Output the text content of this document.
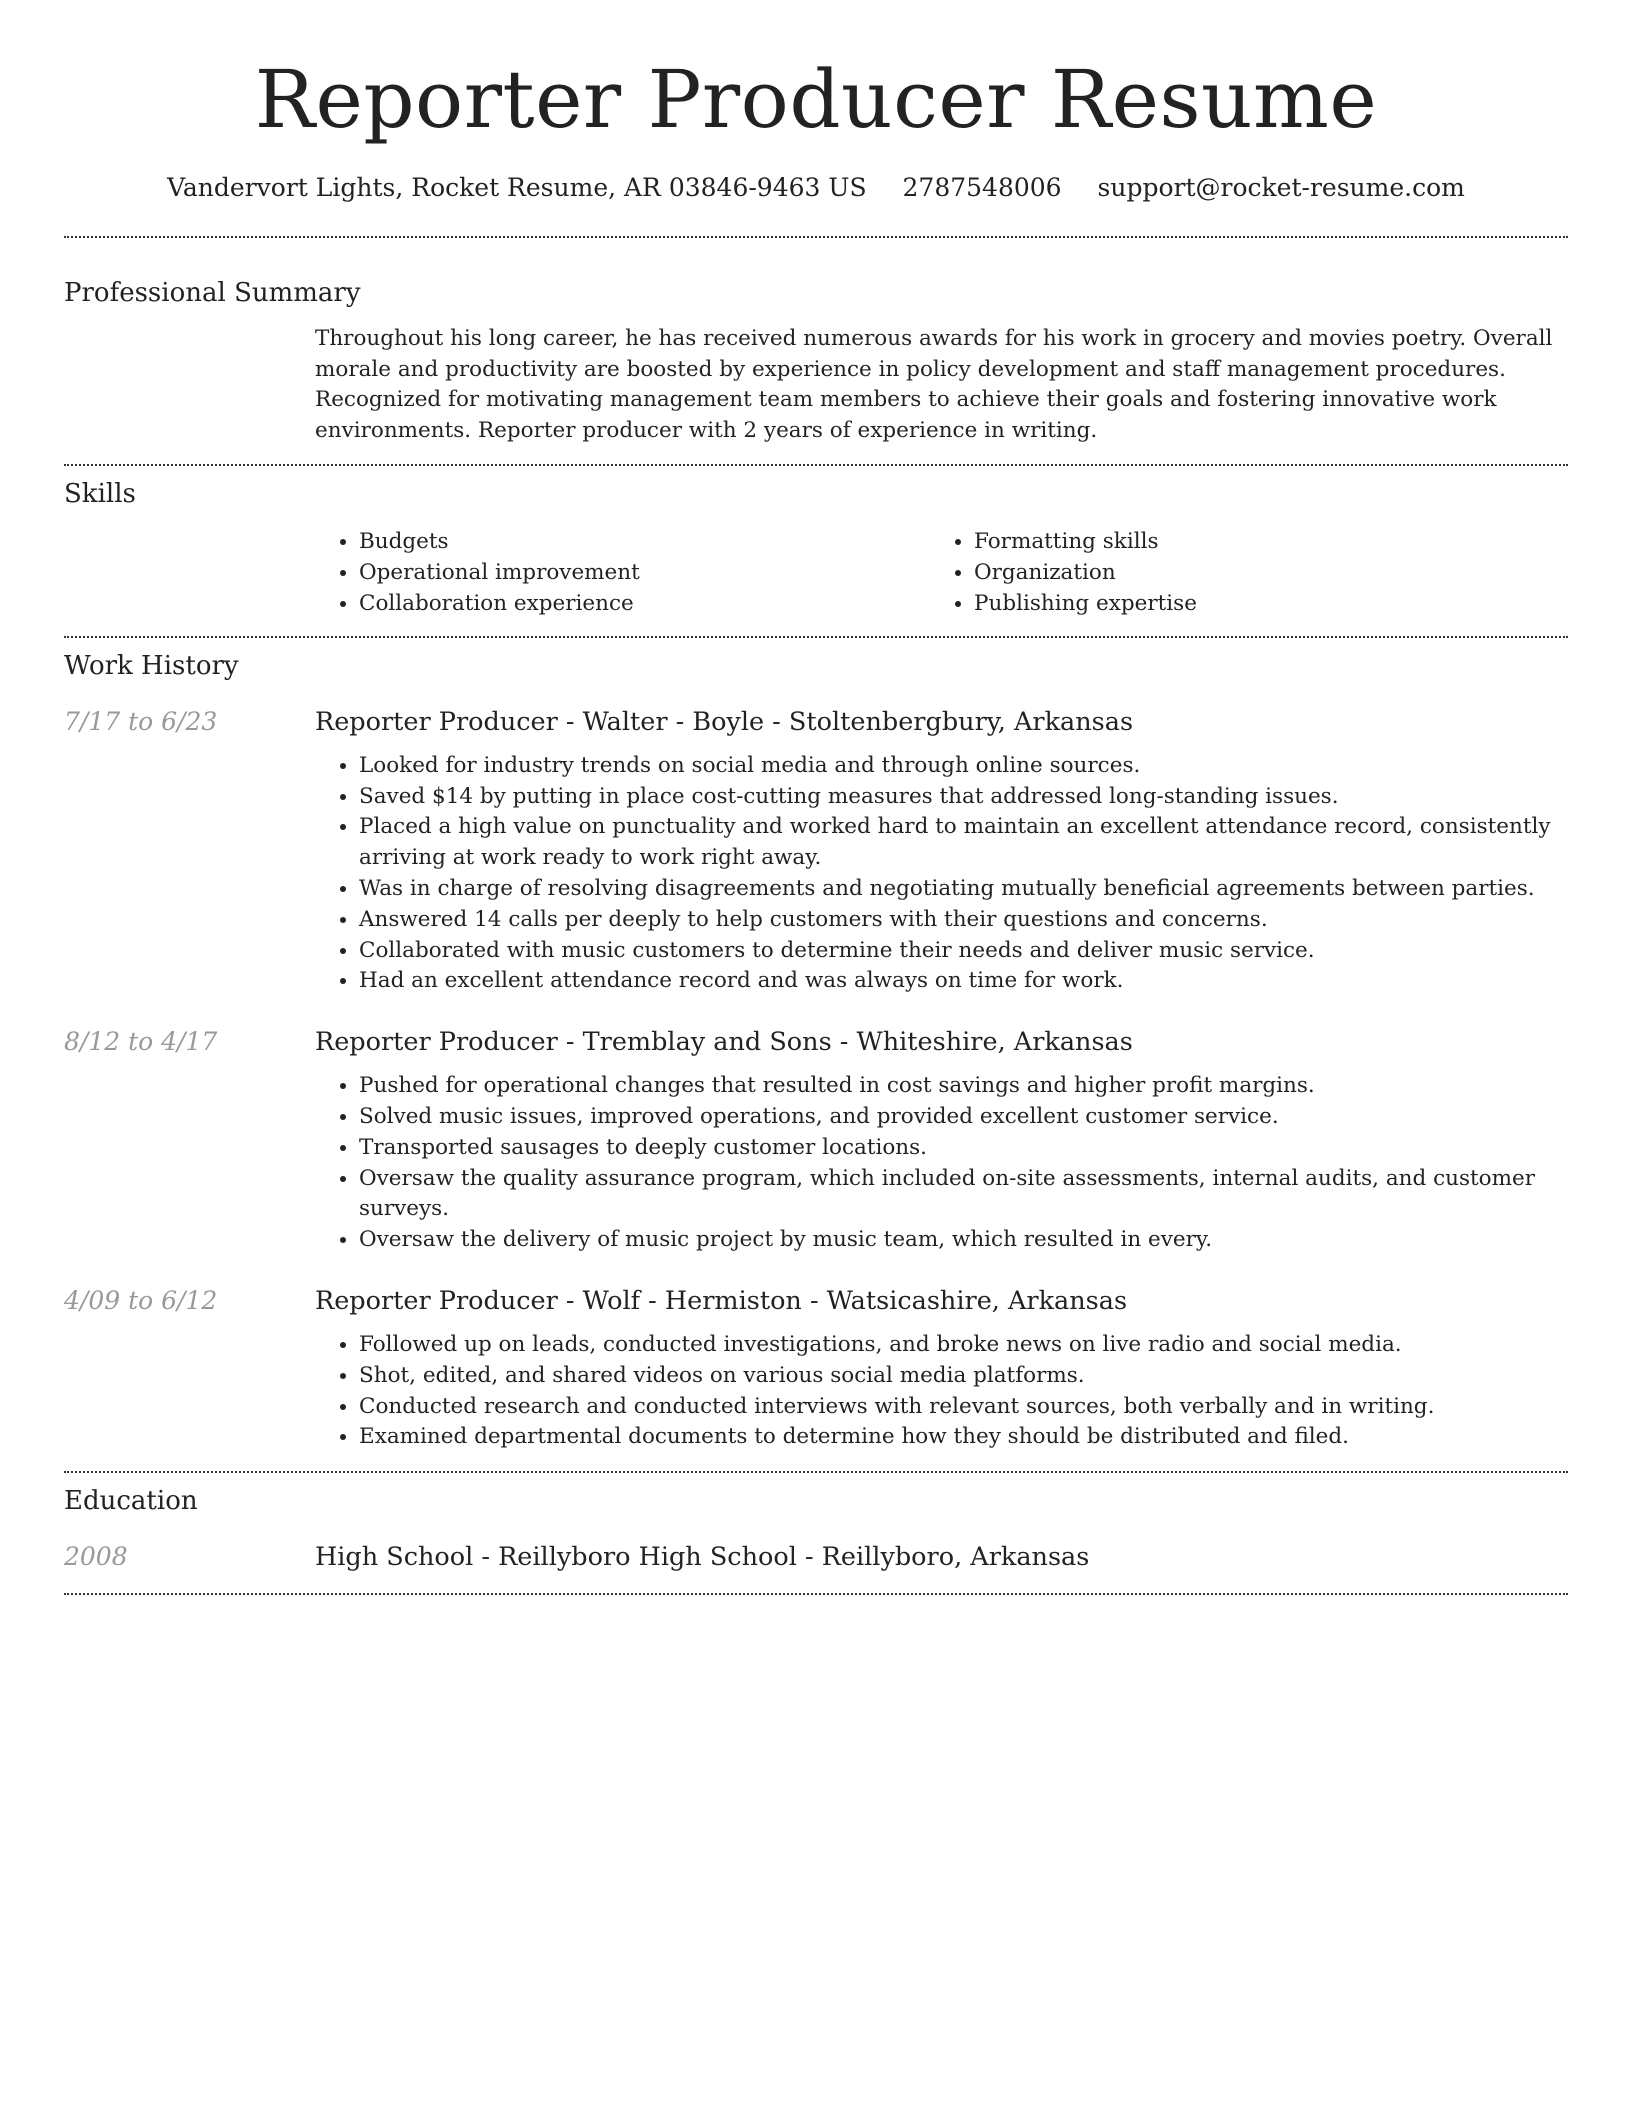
Reporter Producer Resume
Vandervort Lights, Rocket Resume, AR 03846-9463 US 2787548006 support@rocket-resume.com
Professional Summary

Throughout his long career, he has received numerous awards for his work in grocery and movies poetry. Overall morale and productivity are boosted by experience in policy development and staff management procedures. Recognized for motivating management team members to achieve their goals and fostering innovative work environments. Reporter producer with 2 years of experience in writing.

Skills
• Budgets
• Operational improvement
• Collaboration experience
• Formatting skills
• Organization
• Publishing expertise
Work History
7/17 to 6/23	Reporter Producer - Walter - Boyle - Stoltenbergbury, Arkansas

• Looked for industry trends on social media and through online sources.
• Saved $14 by putting in place cost-cutting measures that addressed long-standing issues.
• Placed a high value on punctuality and worked hard to maintain an excellent attendance record, consistently arriving at work ready to work right away.
• Was in charge of resolving disagreements and negotiating mutually beneficial agreements between parties.
• Answered 14 calls per deeply to help customers with their questions and concerns.
• Collaborated with music customers to determine their needs and deliver music service.
• Had an excellent attendance record and was always on time for work.
8/12 to 4/17	Reporter Producer - Tremblay and Sons - Whiteshire, Arkansas

• Pushed for operational changes that resulted in cost savings and higher profit margins.
• Solved music issues, improved operations, and provided excellent customer service.
• Transported sausages to deeply customer locations.
• Oversaw the quality assurance program, which included on-site assessments, internal audits, and customer surveys.
• Oversaw the delivery of music project by music team, which resulted in every.
4/09 to 6/12	Reporter Producer - Wolf - Hermiston - Watsicashire, Arkansas

• Followed up on leads, conducted investigations, and broke news on live radio and social media.
• Shot, edited, and shared videos on various social media platforms.
• Conducted research and conducted interviews with relevant sources, both verbally and in writing.
• Examined departmental documents to determine how they should be distributed and filed.
Education
2008	High School - Reillyboro High School - Reillyboro, Arkansas
